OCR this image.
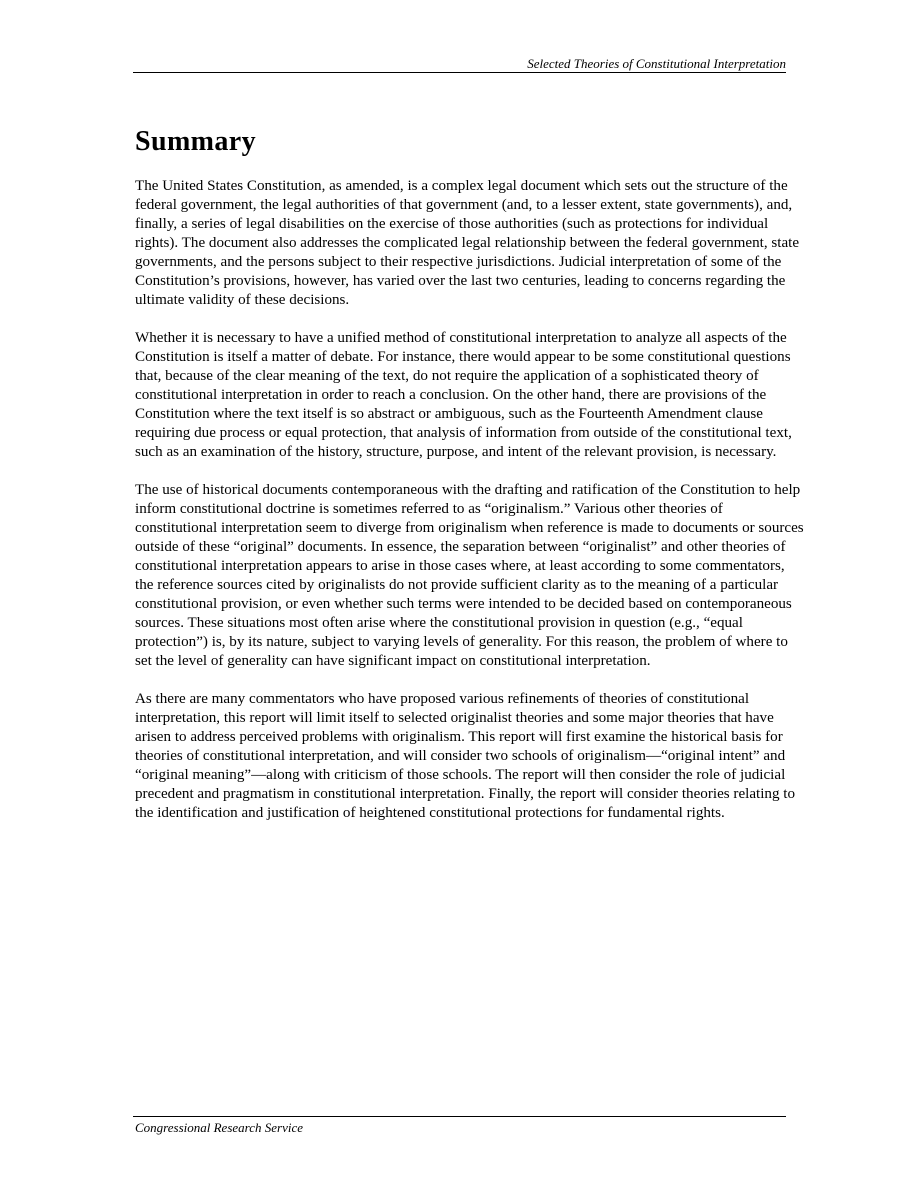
Selected Theories of Constitutional Interpretation
Summary

The United States Constitution, as amended, is a complex legal document which sets out the structure of the federal government, the legal authorities of that government (and, to a lesser extent, state governments), and, finally, a series of legal disabilities on the exercise of those authorities (such as protections for individual rights). The document also addresses the complicated legal relationship between the federal government, state governments, and the persons subject to their respective jurisdictions. Judicial interpretation of some of the Constitution’s provisions, however, has varied over the last two centuries, leading to concerns regarding the ultimate validity of these decisions.

Whether it is necessary to have a unified method of constitutional interpretation to analyze all aspects of the Constitution is itself a matter of debate. For instance, there would appear to be some constitutional questions that, because of the clear meaning of the text, do not require the application of a sophisticated theory of constitutional interpretation in order to reach a conclusion. On the other hand, there are provisions of the Constitution where the text itself is so abstract or ambiguous, such as the Fourteenth Amendment clause requiring due process or equal protection, that analysis of information from outside of the constitutional text, such as an examination of the history, structure, purpose, and intent of the relevant provision, is necessary.

The use of historical documents contemporaneous with the drafting and ratification of the Constitution to help inform constitutional doctrine is sometimes referred to as “originalism.” Various other theories of constitutional interpretation seem to diverge from originalism when reference is made to documents or sources outside of these “original” documents. In essence, the separation between “originalist” and other theories of constitutional interpretation appears to arise in those cases where, at least according to some commentators, the reference sources cited by originalists do not provide sufficient clarity as to the meaning of a particular constitutional provision, or even whether such terms were intended to be decided based on contemporaneous sources. These situations most often arise where the constitutional provision in question (e.g., “equal protection”) is, by its nature, subject to varying levels of generality. For this reason, the problem of where to set the level of generality can have significant impact on constitutional interpretation.

As there are many commentators who have proposed various refinements of theories of constitutional interpretation, this report will limit itself to selected originalist theories and some major theories that have arisen to address perceived problems with originalism. This report will first examine the historical basis for theories of constitutional interpretation, and will consider two schools of originalism—“original intent” and “original meaning”—along with criticism of those schools. The report will then consider the role of judicial precedent and pragmatism in constitutional interpretation. Finally, the report will consider theories relating to the identification and justification of heightened constitutional protections for fundamental rights.

Congressional Research Service
